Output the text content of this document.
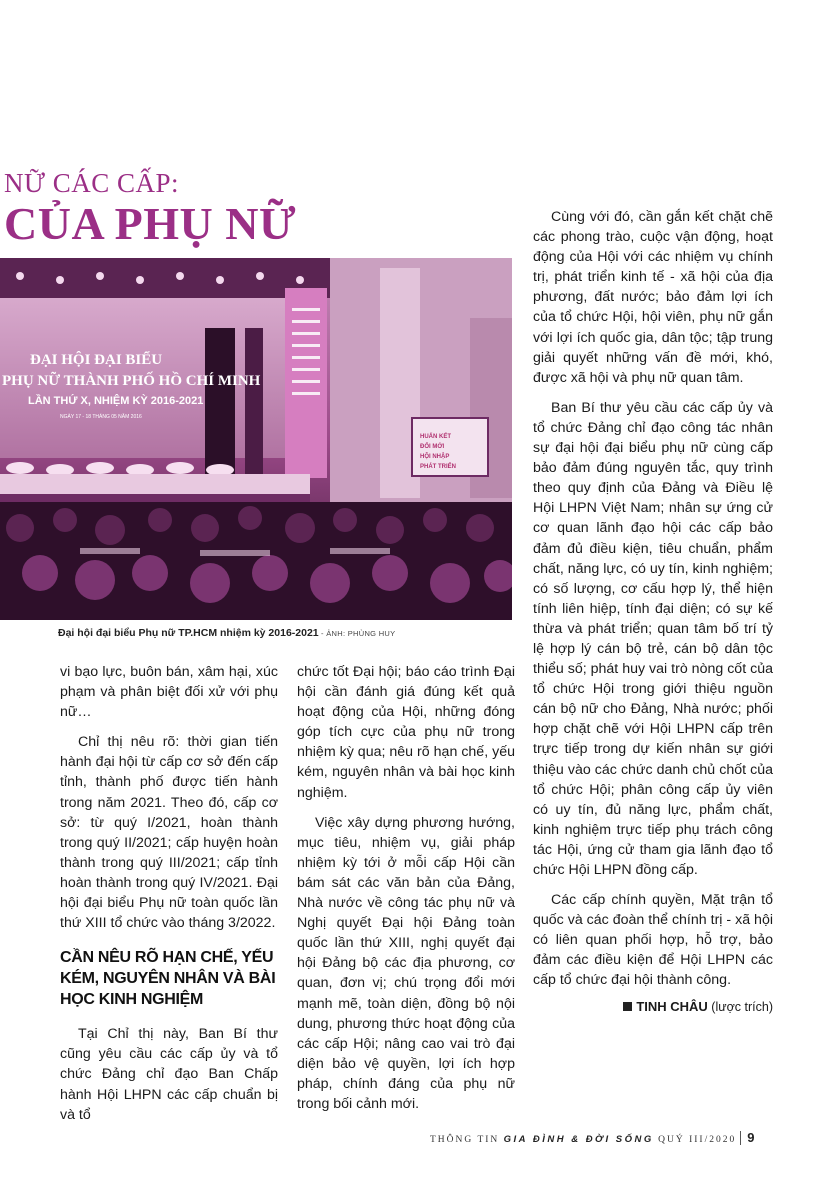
NỮ CÁC CẤP:
CỦA PHỤ NỮ
ĐẠI HỘI ĐẠI BIỂU
PHỤ NỮ THÀNH PHỐ HỒ CHÍ MINH
LẦN THỨ X, NHIỆM KỲ 2016-2021
NGÀY 17 - 18 THÁNG 05 NĂM 2016
HUẤN KẾT
ĐỔI MỚI
HỘI NHẬP
PHÁT TRIỂN
Đại hội đại biểu Phụ nữ TP.HCM nhiệm kỳ 2016-2021 - ẢNH: PHÙNG HUY

vi bạo lực, buôn bán, xâm hại, xúc phạm và phân biệt đối xử với phụ nữ…

Chỉ thị nêu rõ: thời gian tiến hành đại hội từ cấp cơ sở đến cấp tỉnh, thành phố được tiến hành trong năm 2021. Theo đó, cấp cơ sở: từ quý I/2021, hoàn thành trong quý II/2021; cấp huyện hoàn thành trong quý III/2021; cấp tỉnh hoàn thành trong quý IV/2021. Đại hội đại biểu Phụ nữ toàn quốc lần thứ XIII tổ chức vào tháng 3/2022.

CẦN NÊU RÕ HẠN CHẾ, YẾU KÉM, NGUYÊN NHÂN VÀ BÀI HỌC KINH NGHIỆM

Tại Chỉ thị này, Ban Bí thư cũng yêu cầu các cấp ủy và tổ chức Đảng chỉ đạo Ban Chấp hành Hội LHPN các cấp chuẩn bị và tổ

chức tốt Đại hội; báo cáo trình Đại hội cần đánh giá đúng kết quả hoạt động của Hội, những đóng góp tích cực của phụ nữ trong nhiệm kỳ qua; nêu rõ hạn chế, yếu kém, nguyên nhân và bài học kinh nghiệm.

Việc xây dựng phương hướng, mục tiêu, nhiệm vụ, giải pháp nhiệm kỳ tới ở mỗi cấp Hội cần bám sát các văn bản của Đảng, Nhà nước về công tác phụ nữ và Nghị quyết Đại hội Đảng toàn quốc lần thứ XIII, nghị quyết đại hội Đảng bộ các địa phương, cơ quan, đơn vị; chú trọng đổi mới mạnh mẽ, toàn diện, đồng bộ nội dung, phương thức hoạt động của các cấp Hội; nâng cao vai trò đại diện bảo vệ quyền, lợi ích hợp pháp, chính đáng của phụ nữ trong bối cảnh mới.

Cùng với đó, cần gắn kết chặt chẽ các phong trào, cuộc vận động, hoạt động của Hội với các nhiệm vụ chính trị, phát triển kinh tế - xã hội của địa phương, đất nước; bảo đảm lợi ích của tổ chức Hội, hội viên, phụ nữ gắn với lợi ích quốc gia, dân tộc; tập trung giải quyết những vấn đề mới, khó, được xã hội và phụ nữ quan tâm.

Ban Bí thư yêu cầu các cấp ủy và tổ chức Đảng chỉ đạo công tác nhân sự đại hội đại biểu phụ nữ cùng cấp bảo đảm đúng nguyên tắc, quy trình theo quy định của Đảng và Điều lệ Hội LHPN Việt Nam; nhân sự ứng cử cơ quan lãnh đạo hội các cấp bảo đảm đủ điều kiện, tiêu chuẩn, phẩm chất, năng lực, có uy tín, kinh nghiệm; có số lượng, cơ cấu hợp lý, thể hiện tính liên hiệp, tính đại diện; có sự kế thừa và phát triển; quan tâm bố trí tỷ lệ hợp lý cán bộ trẻ, cán bộ dân tộc thiểu số; phát huy vai trò nòng cốt của tổ chức Hội trong giới thiệu nguồn cán bộ nữ cho Đảng, Nhà nước; phối hợp chặt chẽ với Hội LHPN cấp trên trực tiếp trong dự kiến nhân sự giới thiệu vào các chức danh chủ chốt của tổ chức Hội; phân công cấp ủy viên có uy tín, đủ năng lực, phẩm chất, kinh nghiệm trực tiếp phụ trách công tác Hội, ứng cử tham gia lãnh đạo tổ chức Hội LHPN đồng cấp.

Các cấp chính quyền, Mặt trận tổ quốc và các đoàn thể chính trị - xã hội có liên quan phối hợp, hỗ trợ, bảo đảm các điều kiện để Hội LHPN các cấp tổ chức đại hội thành công.

TINH CHÂU (lược trích)
THÔNG TIN GIA ĐÌNH & ĐỜI SỐNG QUÝ III/2020 9
